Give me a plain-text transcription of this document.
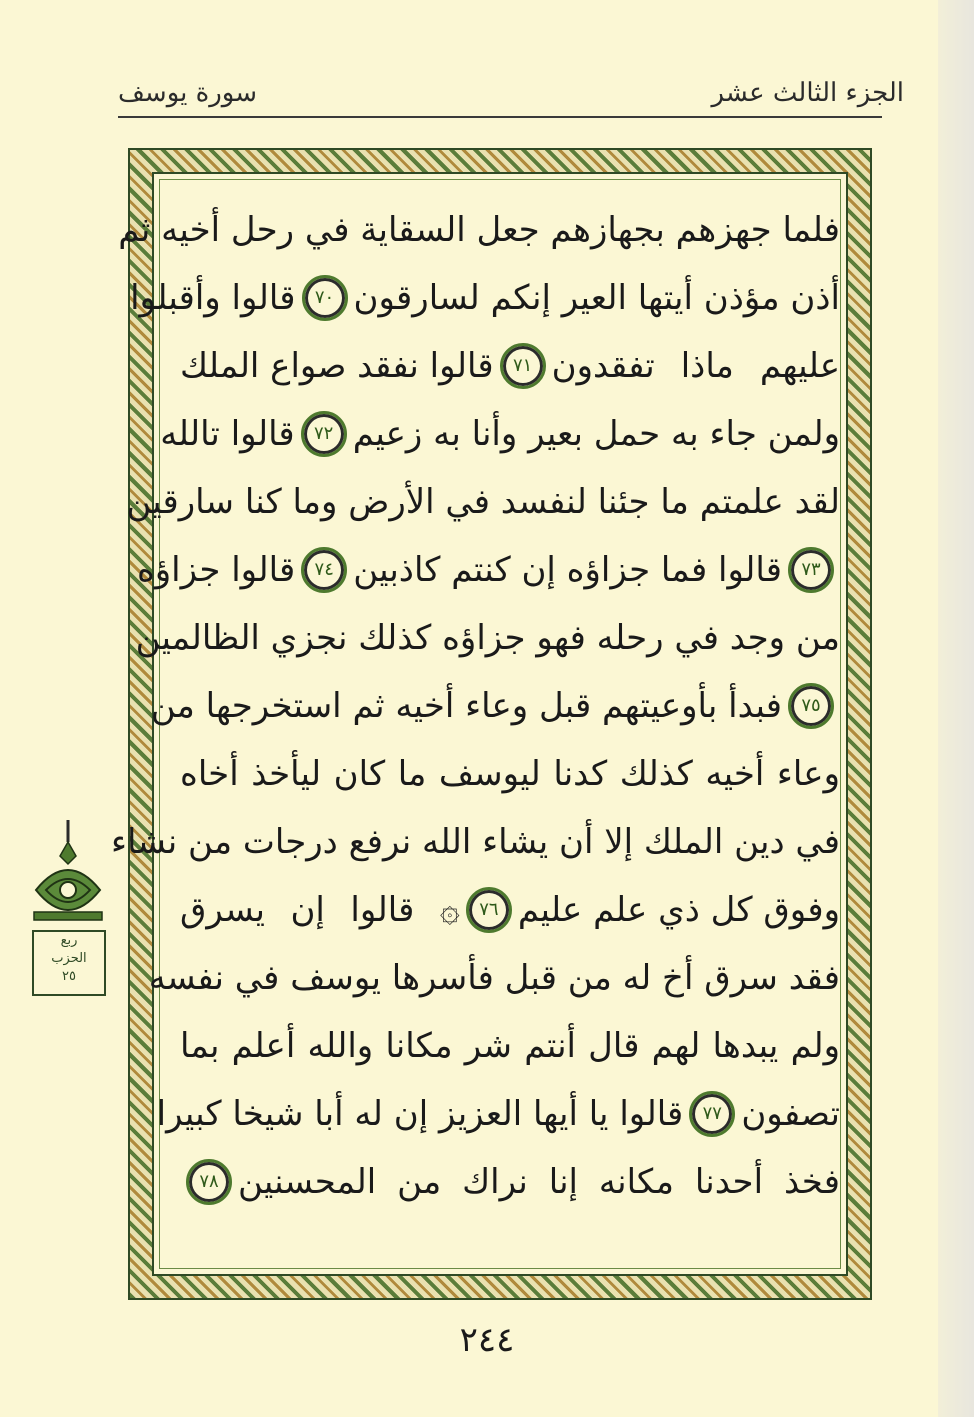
الجزء الثالث عشر
سورة يوسف
فلما جهزهم بجهازهم جعل السقاية في رحل أخيه ثم
أذن مؤذن أيتها العير إنكم لسارقون
٧٠
قالوا وأقبلوا
عليهم ماذا تفقدون
٧١
قالوا نفقد صواع الملك
ولمن جاء به حمل بعير وأنا به زعيم
٧٢
قالوا تالله
لقد علمتم ما جئنا لنفسد في الأرض وما كنا سارقين
٧٣
قالوا فما جزاؤه إن كنتم كاذبين
٧٤
قالوا جزاؤه
من وجد في رحله فهو جزاؤه كذلك نجزي الظالمين
٧٥
فبدأ بأوعيتهم قبل وعاء أخيه ثم استخرجها من
وعاء أخيه كذلك كدنا ليوسف ما كان ليأخذ أخاه
في دين الملك إلا أن يشاء الله نرفع درجات من نشاء
وفوق كل ذي علم عليم
٧٦
۞ قالوا إن يسرق
فقد سرق أخ له من قبل فأسرها يوسف في نفسه
ولم يبدها لهم قال أنتم شر مكانا والله أعلم بما
تصفون
٧٧
قالوا يا أيها العزيز إن له أبا شيخا كبيرا
فخذ أحدنا مكانه إنا نراك من المحسنين
٧٨
ربع
الحزب
٢٥
٢٤٤
